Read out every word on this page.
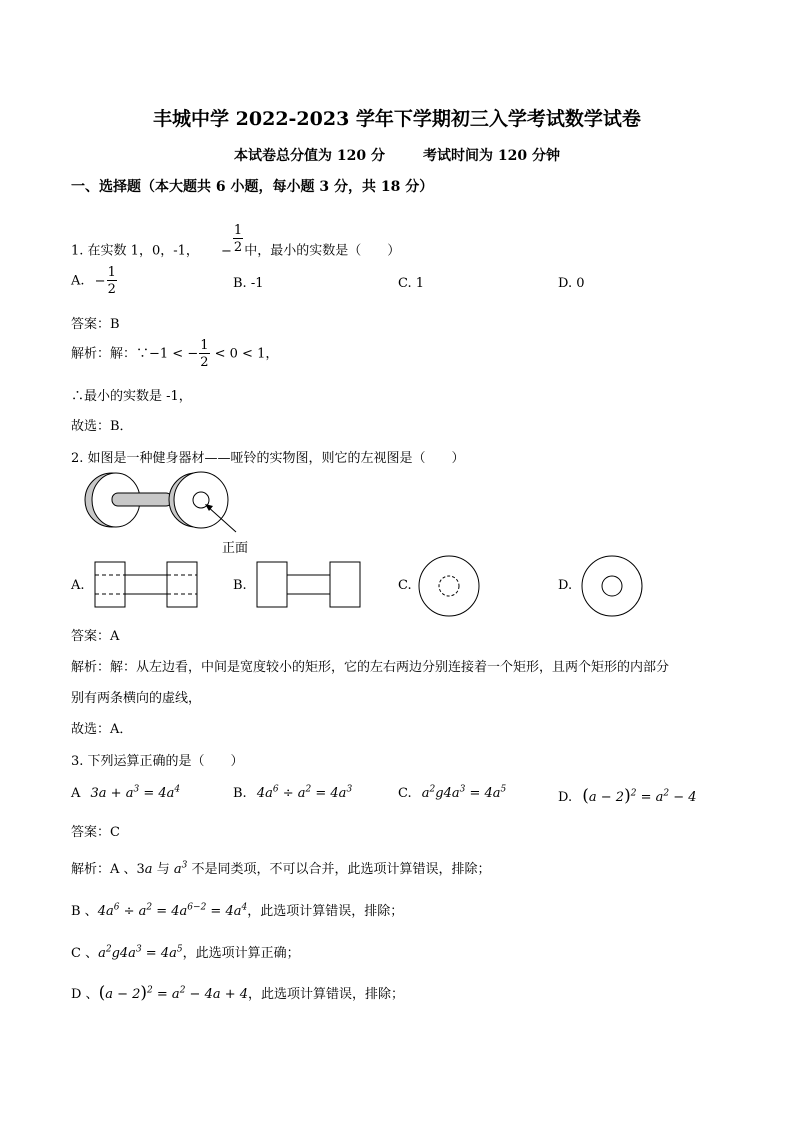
丰城中学 2022-2023 学年下学期初三入学考试数学试卷
本试卷总分值为 120 分	考试时间为 120 分钟
一、选择题（本大题共 6 小题，每小题 3 分，共 18 分）
1. 在实数 1，0，-1， − $\frac{1}{2}$ 中，最小的实数是（　　）
A. − $\frac{1}{2}$	B. -1	C. 1	D. 0
答案：B
解析：解：∵−1 < − $\frac{1}{2} < 0 < 1$，
∴最小的实数是 -1，
故选：B．
2. 如图是一种健身器材——哑铃的实物图，则它的左视图是（　　）
正面
A.	B.	C.	D.
答案：A
解析：解：从左边看，中间是宽度较小的矩形，它的左右两边分别连接着一个矩形，且两个矩形的内部分
别有两条横向的虚线，
故选：A．
3. 下列运算正确的是（　　）
A $3a + a^3 = 4a^4$	B. $4a^6 \div a^2 = 4a^3$	C. $a^2g4a^3 = 4a^5$
D. $(a - 2)^2 = a^2 - 4$
答案：C
解析：A 、3a 与 $a^3$ 不是同类项，不可以合并，此选项计算错误，排除；
B 、$4a^6 \div a^2 = 4a^{6-2} = 4a^4$，此选项计算错误，排除；
C 、$a^2g4a^3 = 4a^5$，此选项计算正确；
D 、$(a - 2)^2 = a^2 - 4a + 4$，此选项计算错误，排除；
